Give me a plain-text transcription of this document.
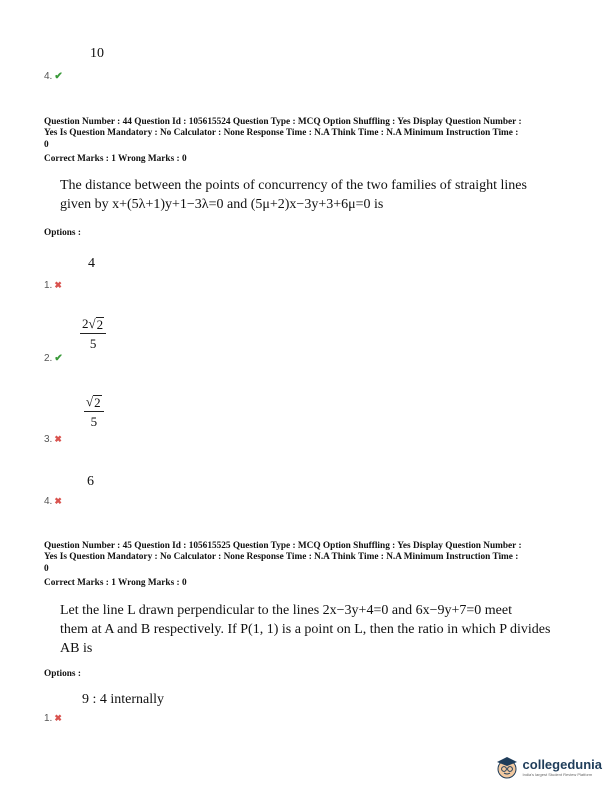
10
4. ✔
Question Number : 44 Question Id : 105615524 Question Type : MCQ Option Shuffling : Yes Display Question Number :
Yes Is Question Mandatory : No Calculator : None Response Time : N.A Think Time : N.A Minimum Instruction Time :
0
Correct Marks : 1 Wrong Marks : 0
The distance between the points of concurrency of the two families of straight lines
given by x+(5λ+1)y+1−3λ=0 and (5μ+2)x−3y+3+6μ=0 is
Options :
4
1. ✖
$\frac{2 √ 2}{5}$
2. ✔
$\frac{√ 2}{5}$
3. ✖
6
4. ✖
Question Number : 45 Question Id : 105615525 Question Type : MCQ Option Shuffling : Yes Display Question Number :
Yes Is Question Mandatory : No Calculator : None Response Time : N.A Think Time : N.A Minimum Instruction Time :
0
Correct Marks : 1 Wrong Marks : 0
Let the line L drawn perpendicular to the lines 2x−3y+4=0 and 6x−9y+7=0 meet
them at A and B respectively. If P(1, 1) is a point on L, then the ratio in which P divides
AB is
Options :
9 : 4 internally
1. ✖
collegedunia
India's largest Student Review Platform
